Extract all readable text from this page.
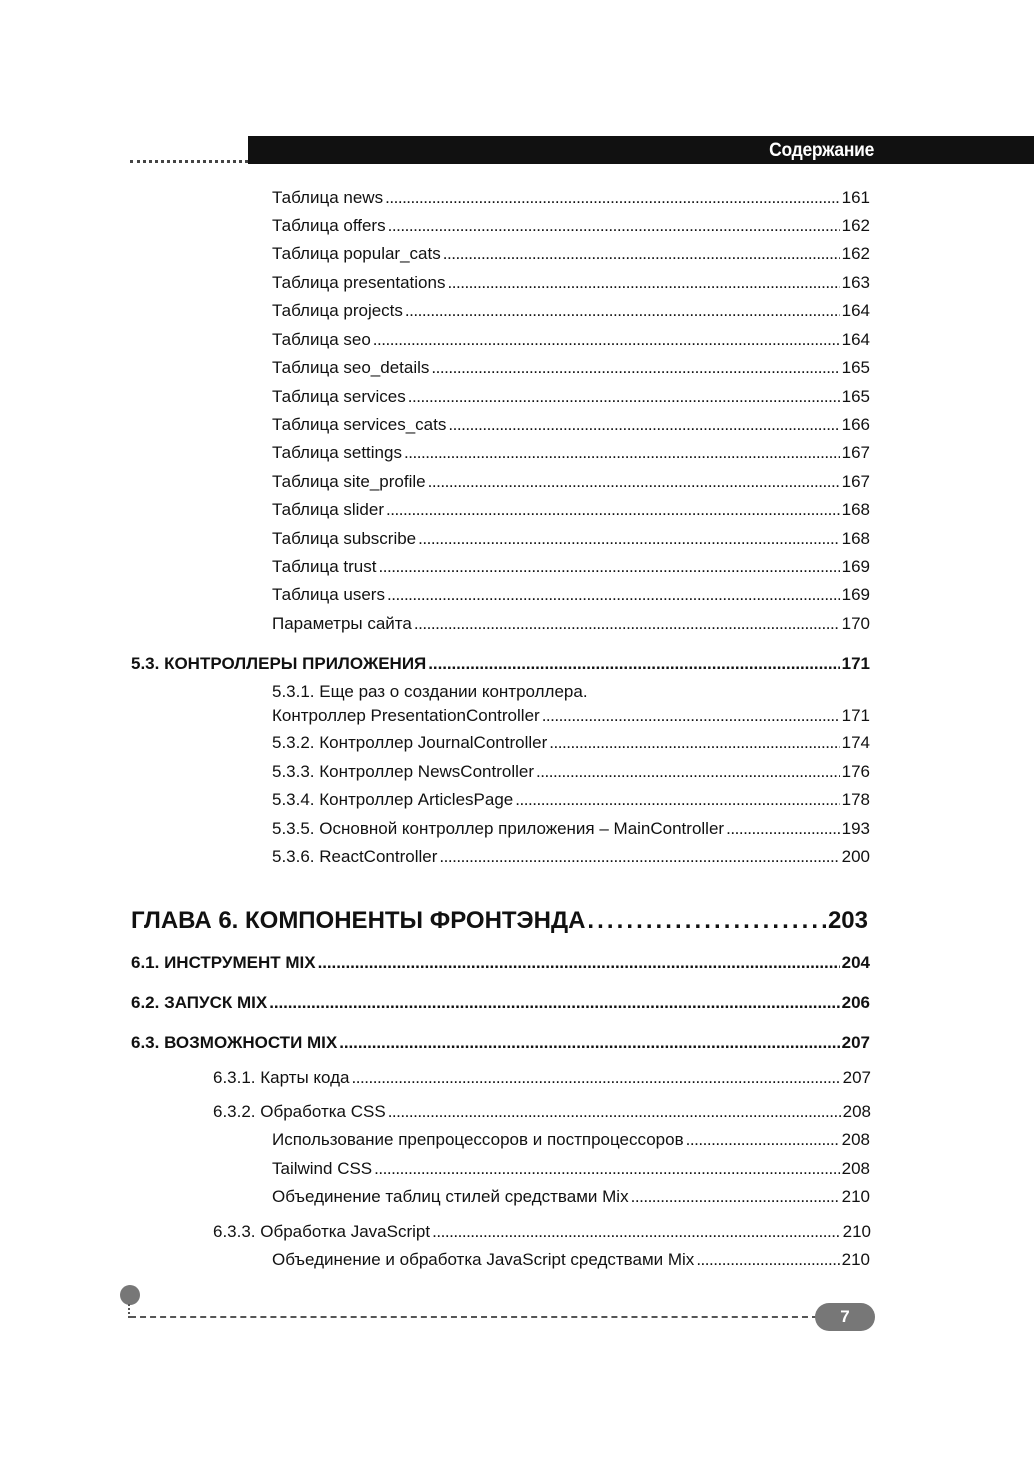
Содержание
Таблица news . . .	161
Таблица offers . . .	162
Таблица popular_cats . . .	162
Таблица presentations . . .	163
Таблица projects . . .	164
Таблица seo . . .	164
Таблица seo_details . . .	165
Таблица services . . .	165
Таблица services_cats . . .	166
Таблица settings . . .	167
Таблица site_profile . . .	167
Таблица slider . . .	168
Таблица subscribe . . .	168
Таблица trust . . .	169
Таблица users . . .	169
Параметры сайта . . .	170
5.3. КОНТРОЛЛЕРЫ ПРИЛОЖЕНИЯ . . .	171
5.3.1. Еще раз о создании контроллера.
Контроллер PresentationController . . .	171
5.3.2. Контроллер JournalController . . .	174
5.3.3. Контроллер NewsController . . .	176
5.3.4. Контроллер ArticlesPage . . .	178
5.3.5. Основной контроллер приложения – MainController . . .	193
5.3.6. ReactController . . .	200
ГЛАВА 6. КОМПОНЕНТЫ ФРОНТЭНДА . . .	203
6.1. ИНСТРУМЕНТ MIX . . .	204
6.2. ЗАПУСК MIX . . .	206
6.3. ВОЗМОЖНОСТИ MIX . . .	207
6.3.1. Карты кода . . .	207
6.3.2. Обработка CSS . . .	208
Использование препроцессоров и постпроцессоров . . .	208
Tailwind CSS . . .	208
Объединение таблиц стилей средствами Mix . . .	210
6.3.3. Обработка JavaScript . . .	210
Объединение и обработка JavaScript средствами Mix . . .	210
7
